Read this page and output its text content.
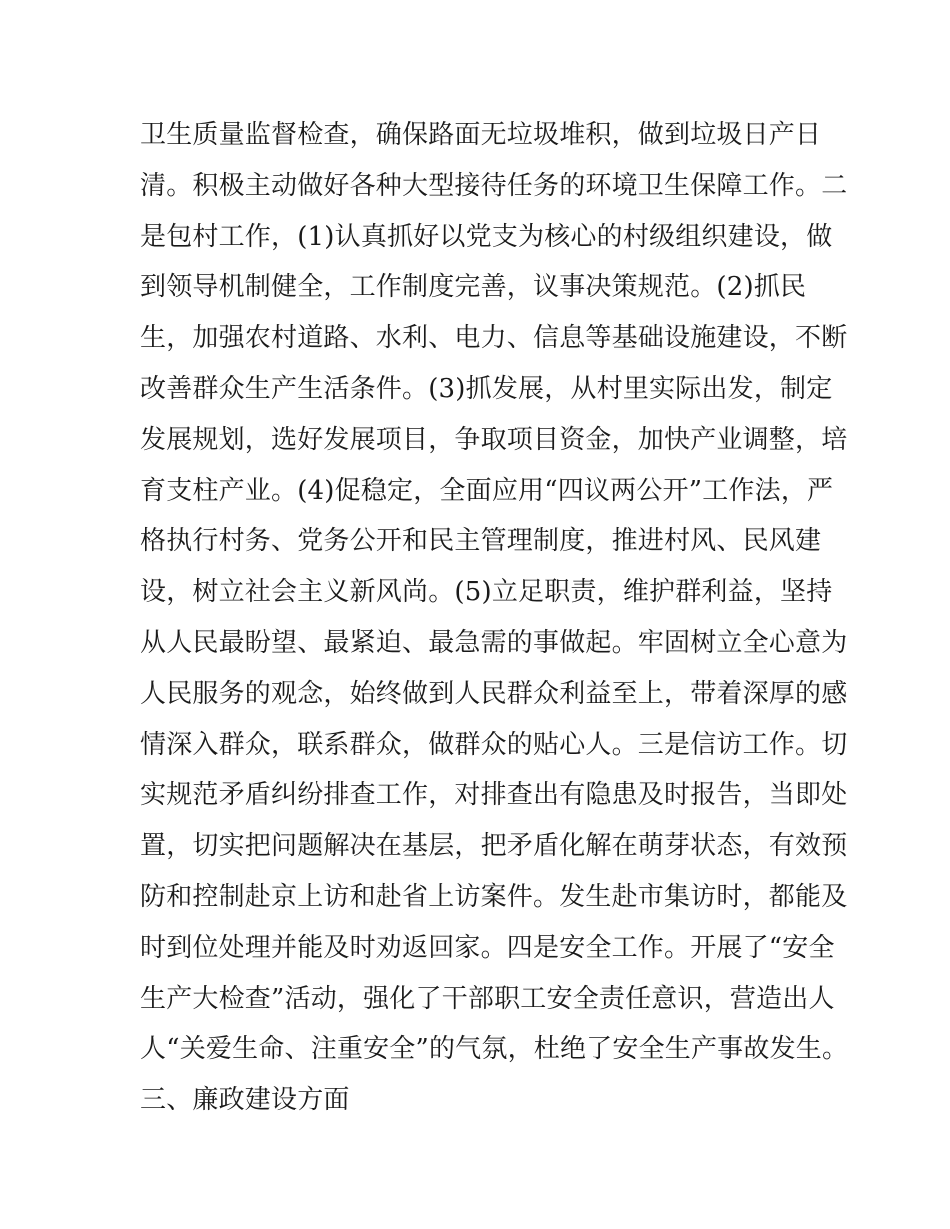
卫生质量监督检查，确保路面无垃圾堆积，做到垃圾日产日
清。积极主动做好各种大型接待任务的环境卫生保障工作。二
是包村工作，(1)认真抓好以党支为核心的村级组织建设，做
到领导机制健全，工作制度完善，议事决策规范。(2)抓民
生，加强农村道路、水利、电力、信息等基础设施建设，不断
改善群众生产生活条件。(3)抓发展，从村里实际出发，制定
发展规划，选好发展项目，争取项目资金，加快产业调整，培
育支柱产业。(4)促稳定，全面应用“四议两公开”工作法，严
格执行村务、党务公开和民主管理制度，推进村风、民风建
设，树立社会主义新风尚。(5)立足职责，维护群利益，坚持
从人民最盼望、最紧迫、最急需的事做起。牢固树立全心意为
人民服务的观念，始终做到人民群众利益至上，带着深厚的感
情深入群众，联系群众，做群众的贴心人。三是信访工作。切
实规范矛盾纠纷排查工作，对排查出有隐患及时报告，当即处
置，切实把问题解决在基层，把矛盾化解在萌芽状态，有效预
防和控制赴京上访和赴省上访案件。发生赴市集访时，都能及
时到位处理并能及时劝返回家。四是安全工作。开展了“安全
生产大检查”活动，强化了干部职工安全责任意识，营造出人
人“关爱生命、注重安全”的气氛，杜绝了安全生产事故发生。
三、廉政建设方面
